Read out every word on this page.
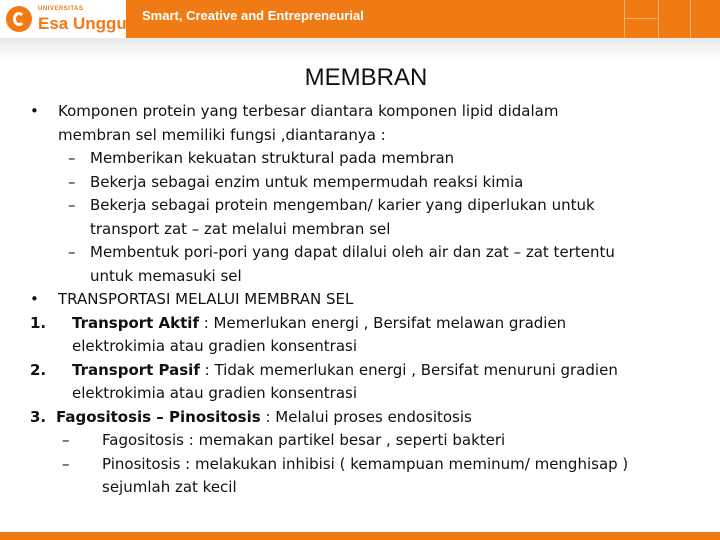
UNIVERSITAS
Esa Unggul Smart, Creative and Entrepreneurial
MEMBRAN
• Komponen protein yang terbesar diantara komponen lipid didalam
membran sel memiliki fungsi ,diantaranya :
– Memberikan kekuatan struktural pada membran
– Bekerja sebagai enzim untuk mempermudah reaksi kimia
– Bekerja sebagai protein mengemban/ karier yang diperlukan untuk
transport zat – zat melalui membran sel
– Membentuk pori-pori yang dapat dilalui oleh air dan zat – zat tertentu
untuk memasuki sel
• TRANSPORTASI MELALUI MEMBRAN SEL
1. Transport Aktif : Memerlukan energi , Bersifat melawan gradien
elektrokimia atau gradien konsentrasi
2. Transport Pasif : Tidak memerlukan energi , Bersifat menuruni gradien
elektrokimia atau gradien konsentrasi
3. Fagositosis – Pinositosis : Melalui proses endositosis
– Fagositosis : memakan partikel besar , seperti bakteri
– Pinositosis : melakukan inhibisi ( kemampuan meminum/ menghisap )
sejumlah zat kecil
